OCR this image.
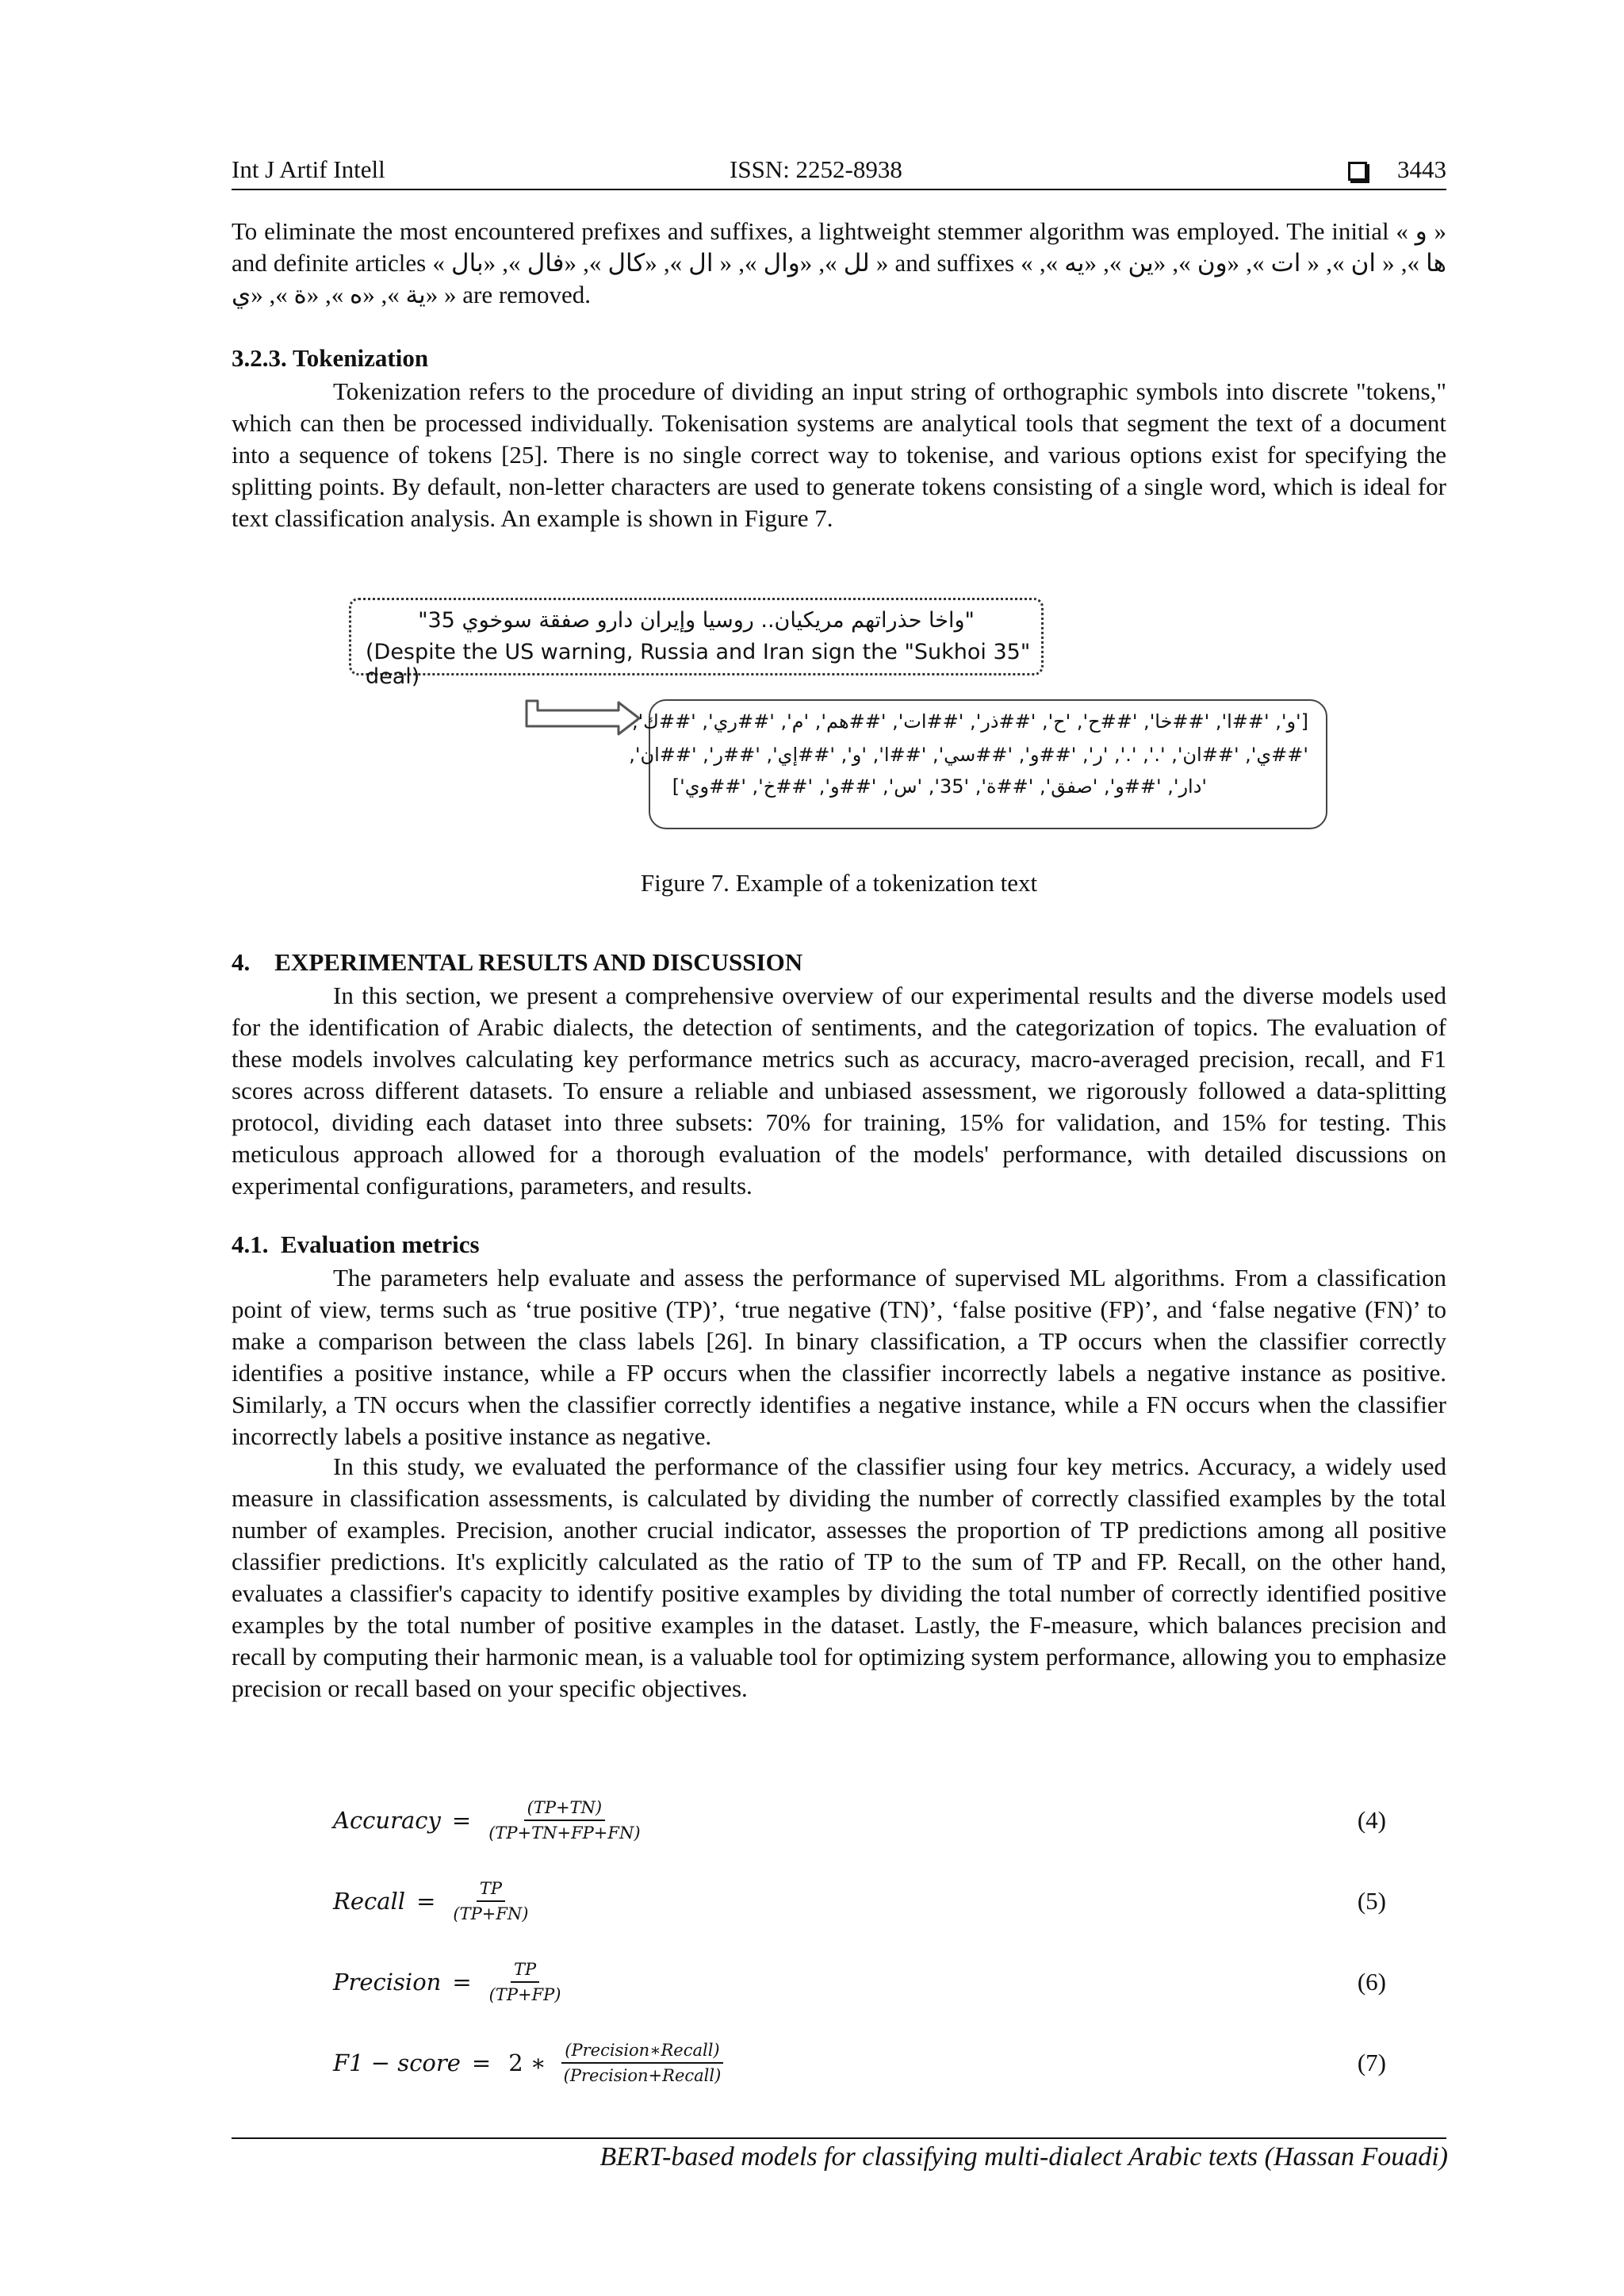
Int J Artif Intell	ISSN: 2252-8938	3443

To eliminate the most encountered prefixes and suffixes, a lightweight stemmer algorithm was employed. The initial « و » and definite articles « لل », «وال », « ال », «كال », «فال », «بال » and suffixes « ها », « ان », « ات », «ون », «ين », «يه », «ية », «ه », «ة », «ي » are removed.

3.2.3. Tokenization

Tokenization refers to the procedure of dividing an input string of orthographic symbols into discrete "tokens," which can then be processed individually. Tokenisation systems are analytical tools that segment the text of a document into a sequence of tokens [25]. There is no single correct way to tokenise, and various options exist for specifying the splitting points. By default, non-letter characters are used to generate tokens consisting of a single word, which is ideal for text classification analysis. An example is shown in Figure 7.

"واخا حذراتهم مريكيان.. روسيا وإيران دارو صفقة سوخوي 35"
(Despite the US warning, Russia and Iran sign the "Sukhoi 35" deal)
['و', '##ا', '##خا', '##ح', 'ح', '##ذر', '##ات', '##هم', 'م', '##ري', '##ك',
'##ي', '##ان', '.', '.', 'ر', '##و', '##سي', '##ا', 'و', '##إي', '##ر', '##ان',
'دار', '##و', 'صفق', '##ة', '35', 'س', '##و', '##خ', '##وي']
Figure 7. Example of a tokenization text

4.    EXPERIMENTAL RESULTS AND DISCUSSION

In this section, we present a comprehensive overview of our experimental results and the diverse models used for the identification of Arabic dialects, the detection of sentiments, and the categorization of topics. The evaluation of these models involves calculating key performance metrics such as accuracy, macro-averaged precision, recall, and F1 scores across different datasets. To ensure a reliable and unbiased assessment, we rigorously followed a data-splitting protocol, dividing each dataset into three subsets: 70% for training, 15% for validation, and 15% for testing. This meticulous approach allowed for a thorough evaluation of the models' performance, with detailed discussions on experimental configurations, parameters, and results.

4.1.  Evaluation metrics

The parameters help evaluate and assess the performance of supervised ML algorithms. From a classification point of view, terms such as ‘true positive (TP)’, ‘true negative (TN)’, ‘false positive (FP)’, and ‘false negative (FN)’ to make a comparison between the class labels [26]. In binary classification, a TP occurs when the classifier correctly identifies a positive instance, while a FP occurs when the classifier incorrectly labels a negative instance as positive. Similarly, a TN occurs when the classifier correctly identifies a negative instance, while a FN occurs when the classifier incorrectly labels a positive instance as negative.

In this study, we evaluated the performance of the classifier using four key metrics. Accuracy, a widely used measure in classification assessments, is calculated by dividing the number of correctly classified examples by the total number of examples. Precision, another crucial indicator, assesses the proportion of TP predictions among all positive classifier predictions. It's explicitly calculated as the ratio of TP to the sum of TP and FP. Recall, on the other hand, evaluates a classifier's capacity to identify positive examples by dividing the total number of correctly identified positive examples by the total number of positive examples in the dataset. Lastly, the F-measure, which balances precision and recall by computing their harmonic mean, is a valuable tool for optimizing system performance, allowing you to emphasize precision or recall based on your specific objectives.

Accuracy = $\frac{(TP+TN)}{(TP+TN+FP+FN)}$	(4)
Recall = $\frac{TP}{(TP+FN)}$	(5)
Precision = $\frac{TP}{(TP+FP)}$	(6)
F1 − score = 2 ∗ $\frac{\text{(Precision∗Recall)}}{\text{(Precision+Recall)}}$	(7)
BERT-based models for classifying multi-dialect Arabic texts (Hassan Fouadi)
